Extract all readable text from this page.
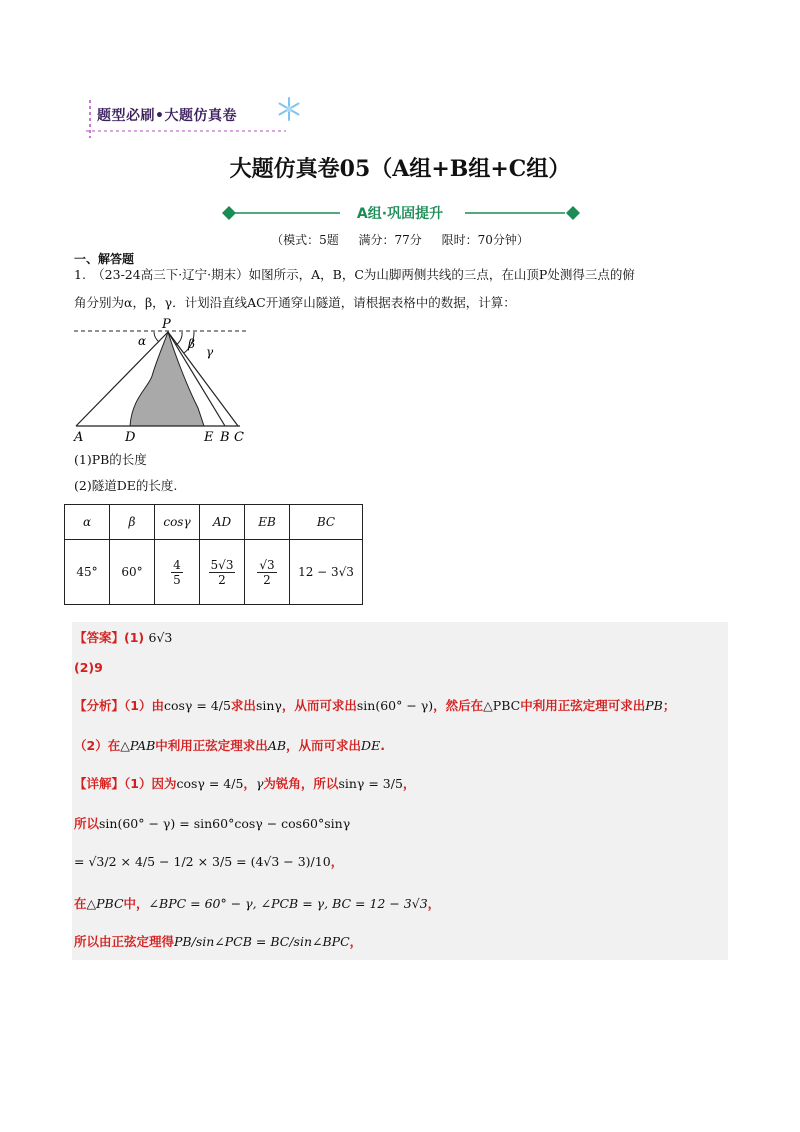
题型必刷•大题仿真卷
大题仿真卷05（A组+B组+C组）
A组·巩固提升
（模式：5题 满分：77分 限时：70分钟）
一、解答题
1.　（23-24高三下·辽宁·期末）如图所示，A，B，C为山脚两侧共线的三点，在山顶P处测得三点的俯
角分别为α，β，γ．计划沿直线AC开通穿山隧道，请根据表格中的数据，计算：
P
α	β
γ
A	D	E B C
(1)PB的长度
(2)隧道DE的长度.
α	β	cosγ	AD	EB	BC
45°	60°	$\frac{4}{5}$	$\frac{5√3}{2}$	$\frac{√3}{2}$	12 − 3√3
【答案】(1) 6√3
(2)9
【分析】（1）由cosγ = 4/5求出sinγ，从而可求出sin(60° − γ)，然后在△PBC中利用正弦定理可求出PB；
（2）在△PAB中利用正弦定理求出AB，从而可求出DE.
【详解】（1）因为cosγ = 4/5，γ为锐角，所以sinγ = 3/5，
所以sin(60° − γ) = sin60°cosγ − cos60°sinγ
= √3/2 × 4/5 − 1/2 × 3/5 = (4√3 − 3)/10，
在△PBC中，∠BPC = 60° − γ, ∠PCB = γ, BC = 12 − 3√3，
所以由正弦定理得PB/sin∠PCB = BC/sin∠BPC，
